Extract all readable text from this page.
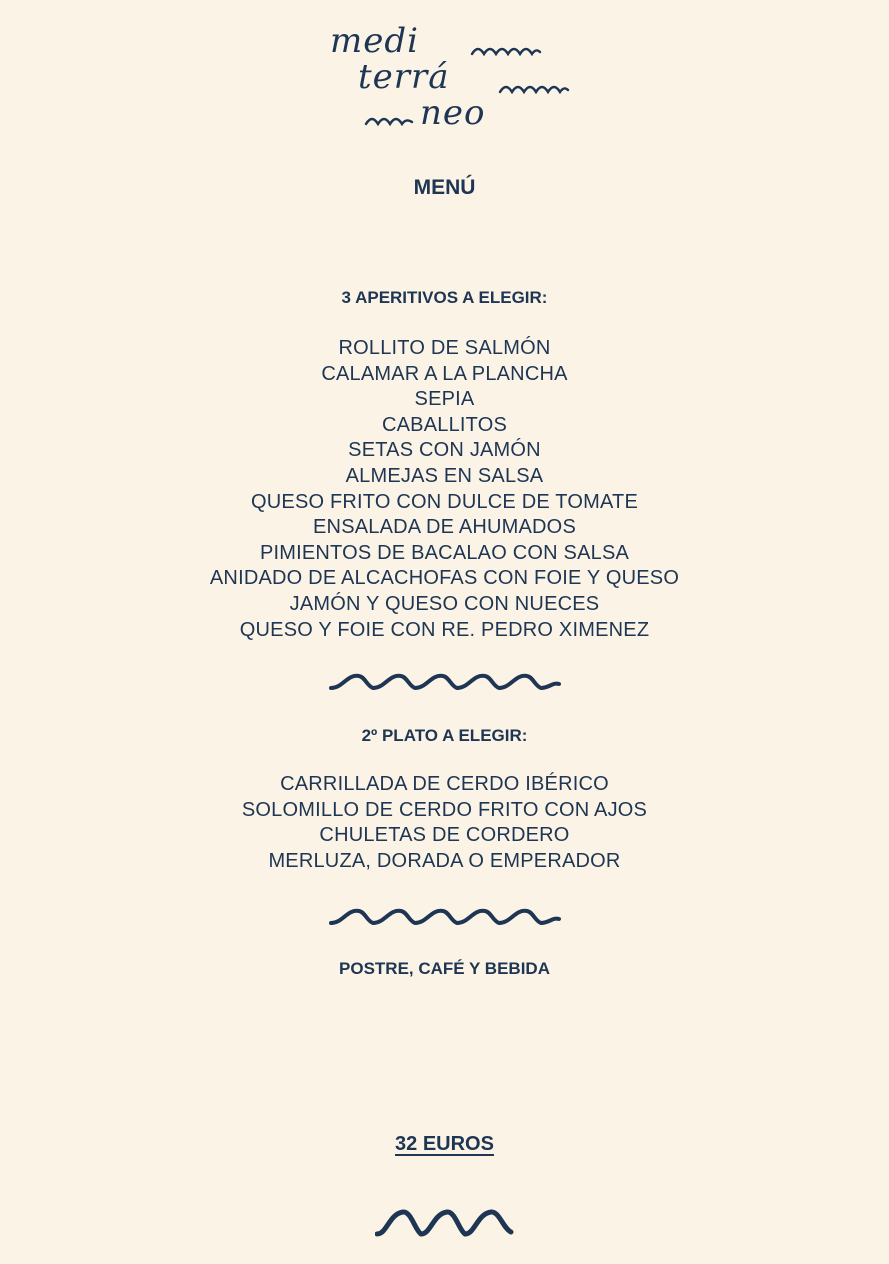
medi
terrá
neo
MENÚ
3 APERITIVOS A ELEGIR:
ROLLITO DE SALMÓN
CALAMAR A LA PLANCHA
SEPIA
CABALLITOS
SETAS CON JAMÓN
ALMEJAS EN SALSA
QUESO FRITO CON DULCE DE TOMATE
ENSALADA DE AHUMADOS
PIMIENTOS DE BACALAO CON SALSA
ANIDADO DE ALCACHOFAS CON FOIE Y QUESO
JAMÓN Y QUESO CON NUECES
QUESO Y FOIE CON RE. PEDRO XIMENEZ
2º PLATO A ELEGIR:
CARRILLADA DE CERDO IBÉRICO
SOLOMILLO DE CERDO FRITO CON AJOS
CHULETAS DE CORDERO
MERLUZA, DORADA O EMPERADOR
POSTRE, CAFÉ Y BEBIDA
32 EUROS
